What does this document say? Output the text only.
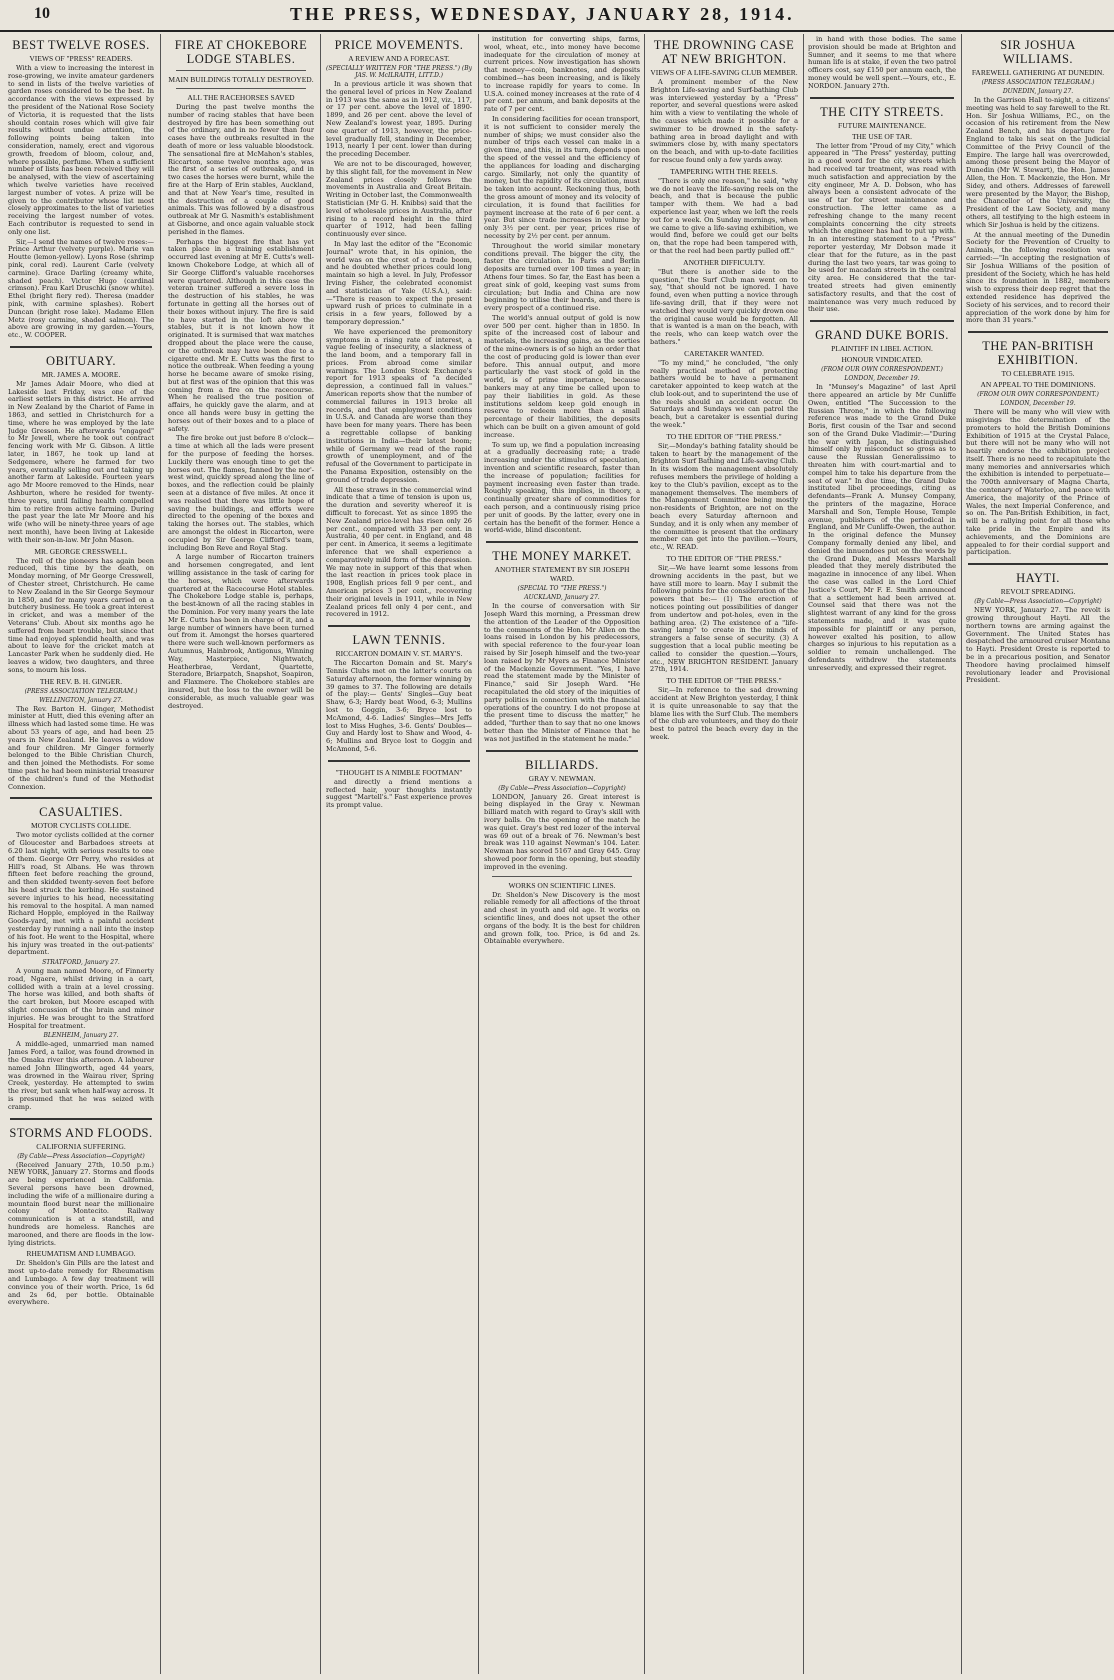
10	THE PRESS, WEDNESDAY, JANUARY 28, 1914.
BEST TWELVE ROSES.
VIEWS OF "PRESS" READERS.

With a view to increasing the interest in rose-growing, we invite amateur gardeners to send in lists of the twelve varieties of garden roses considered to be the best. In accordance with the views expressed by the president of the National Rose Society of Victoria, it is requested that the lists should contain roses which will give fair results without undue attention, the following points being taken into consideration, namely, erect and vigorous growth, freedom of bloom, colour, and, where possible, perfume. When a sufficient number of lists has been received they will be analysed, with the view of ascertaining which twelve varieties have received largest number of votes. A prize will be given to the contributor whose list most closely approximates to the list of varieties receiving the largest number of votes. Each contributor is requested to send in only one list.

Sir,—I send the names of twelve roses:— Prince Arthur (velvety purple). Marie van Houtte (lemon-yellow). Lyons Rose (shrimp pink, coral red). Laurent Carle (velvety carmine). Grace Darling (creamy white, shaded peach). Victor Hugo (cardinal crimson). Frau Karl Druschki (snow white). Ethel (bright fiery red). Theresa (madder pink, with carmine splashes). Robert Duncan (bright rose lake). Madame Ellen Metz (rosy carmine, shaded salmon). The above are growing in my garden.—Yours, etc., W. COOPER.

OBITUARY.
MR. JAMES A. MOORE.

Mr James Adair Moore, who died at Lakeside last Friday, was one of the earliest settlers in this district. He arrived in New Zealand by the Chariot of Fame in 1863, and settled in Christchurch for a time, where he was employed by the late Judge Gresson. He afterwards "engaged" to Mr Jewell, where he took out contract fencing work with Mr G. Gibson. A little later, in 1867, he took up land at Sedgemere, where he farmed for two years, eventually selling out and taking up another farm at Lakeside. Fourteen years ago Mr Moore removed to the Hinds, near Ashburton, where he resided for twenty-three years, until failing health compelled him to retire from active farming. During the past year the late Mr Moore and his wife (who will be ninety-three years of age next month), have been living at Lakeside with their son-in-law. Mr John Mason.

MR. GEORGE CRESSWELL.

The roll of the pioneers has again been reduced, this time by the death, on Monday morning, of Mr George Cresswell, of Chester street, Christchurch. He came to New Zealand in the Sir George Seymour in 1850, and for many years carried on a butchery business. He took a great interest in cricket, and was a member of the Veterans' Club. About six months ago he suffered from heart trouble, but since that time had enjoyed splendid health, and was about to leave for the cricket match at Lancaster Park when he suddenly died. He leaves a widow, two daughters, and three sons, to mourn his loss.

THE REV. B. H. GINGER.
(PRESS ASSOCIATION TELEGRAM.)
WELLINGTON, January 27.

The Rev. Barton H. Ginger, Methodist minister at Hutt, died this evening after an illness which had lasted some time. He was about 53 years of age, and had been 25 years in New Zealand. He leaves a widow and four children. Mr Ginger formerly belonged to the Bible Christian Church, and then joined the Methodists. For some time past he had been ministerial treasurer of the children's fund of the Methodist Connexion.

CASUALTIES.
MOTOR CYCLISTS COLLIDE.

Two motor cyclists collided at the corner of Gloucester and Barbadoes streets at 6.20 last night, with serious results to one of them. George Orr Perry, who resides at Hill's road, St Albans. He was thrown fifteen feet before reaching the ground, and then skidded twenty-seven feet before his head struck the kerbing. He sustained severe injuries to his head, necessitating his removal to the hospital. A man named Richard Hopple, employed in the Railway Goods-yard, met with a painful accident yesterday by running a nail into the instep of his foot. He went to the Hospital, where his injury was treated in the out-patients' department.

STRATFORD, January 27.

A young man named Moore, of Finnerty road, Ngaere, whilst driving in a cart, collided with a train at a level crossing. The horse was killed, and both shafts of the cart broken, but Moore escaped with slight concussion of the brain and minor injuries. He was brought to the Stratford Hospital for treatment.

BLENHEIM, January 27.

A middle-aged, unmarried man named James Ford, a tailor, was found drowned in the Omaka river this afternoon. A labourer named John Illingworth, aged 44 years, was drowned in the Wairau river, Spring Creek, yesterday. He attempted to swim the river, but sank when half-way across. It is presumed that he was seized with cramp.

STORMS AND FLOODS.
CALIFORNIA SUFFERING.
(By Cable—Press Association—Copyright)

(Received January 27th, 10.50 p.m.) NEW YORK, January 27. Storms and floods are being experienced in California. Several persons have been drowned, including the wife of a millionaire during a mountain flood burst near the millionaire colony of Montecito. Railway communication is at a standstill, and hundreds are homeless. Ranches are marooned, and there are floods in the low-lying districts.

RHEUMATISM AND LUMBAGO.

Dr. Sheldon's Gin Pills are the latest and most up-to-date remedy for Rheumatism and Lumbago. A few day treatment will convince you of their worth. Price, 1s 6d and 2s 6d, per bottle. Obtainable everywhere.

FIRE AT CHOKEBORE LODGE STABLES.
MAIN BUILDINGS TOTALLY DESTROYED.
ALL THE RACEHORSES SAVED

During the past twelve months the number of racing stables that have been destroyed by fire has been something out of the ordinary, and in no fewer than four cases have the outbreaks resulted in the death of more or less valuable bloodstock. The sensational fire at McMahon's stables, Riccarton, some twelve months ago, was the first of a series of outbreaks, and in two cases the horses were burnt, while the fire at the Harp of Erin stables, Auckland, and that at New Year's time, resulted in the destruction of a couple of good animals. This was followed by a disastrous outbreak at Mr G. Nasmith's establishment at Gisborne, and once again valuable stock perished in the flames.

Perhaps the biggest fire that has yet taken place in a training establishment occurred last evening at Mr E. Cutts's well-known Chokebore Lodge, at which all of Sir George Clifford's valuable racehorses were quartered. Although in this case the veteran trainer suffered a severe loss in the destruction of his stables, he was fortunate in getting all the horses out of their boxes without injury. The fire is said to have started in the loft above the stables, but it is not known how it originated. It is surmised that wax matches dropped about the place were the cause, or the outbreak may have been due to a cigarette end. Mr E. Cutts was the first to notice the outbreak. When feeding a young horse he became aware of smoke rising, but at first was of the opinion that this was coming from a fire on the racecourse. When he realised the true position of affairs, he quickly gave the alarm, and at once all hands were busy in getting the horses out of their boxes and to a place of safety.

The fire broke out just before 8 o'clock—a time at which all the lads were present for the purpose of feeding the horses. Luckily there was enough time to get the horses out. The flames, fanned by the nor'-west wind, quickly spread along the line of boxes, and the reflection could be plainly seen at a distance of five miles. At once it was realised that there was little hope of saving the buildings, and efforts were directed to the opening of the boxes and taking the horses out. The stables, which are amongst the oldest in Riccarton, were occupied by Sir George Clifford's team, including Bon Reve and Royal Stag.

A large number of Riccarton trainers and horsemen congregated, and lent willing assistance in the task of caring for the horses, which were afterwards quartered at the Racecourse Hotel stables. The Chokebore Lodge stable is, perhaps, the best-known of all the racing stables in the Dominion. For very many years the late Mr E. Cutts has been in charge of it, and a large number of winners have been turned out from it. Amongst the horses quartered there were such well-known performers as Autumnus, Hainbrook, Antigonus, Winning Way, Masterpiece, Nightwatch, Heatherbrae, Verdant, Quartette, Steradore, Briarpatch, Snapshot, Soapiron, and Flaxmere. The Chokebore stables are insured, but the loss to the owner will be considerable, as much valuable gear was destroyed.

PRICE MOVEMENTS.
A REVIEW AND A FORECAST.
(SPECIALLY WRITTEN FOR "THE PRESS.") (By JAS. W. McILRAITH, LITT.D.)

In a previous article it was shown that the general level of prices in New Zealand in 1913 was the same as in 1912, viz., 117, or 17 per cent. above the level of 1890-1899, and 26 per cent. above the level of New Zealand's lowest year, 1895. During one quarter of 1913, however, the price-level gradually fell, standing in December, 1913, nearly 1 per cent. lower than during the preceding December.

We are not to be discouraged, however, by this slight fall, for the movement in New Zealand prices closely follows the movements in Australia and Great Britain. Writing in October last, the Commonwealth Statistician (Mr G. H. Knibbs) said that the level of wholesale prices in Australia, after rising to a record height in the third quarter of 1912, had been falling continuously ever since.

In May last the editor of the "Economic Journal" wrote that, in his opinion, the world was on the crest of a trade boom, and he doubted whether prices could long maintain so high a level. In July, Professor Irving Fisher, the celebrated economist and statistician of Yale (U.S.A.), said:—"There is reason to expect the present upward rush of prices to culminate in a crisis in a few years, followed by a temporary depression."

We have experienced the premonitory symptoms in a rising rate of interest, a vague feeling of insecurity, a slackness of the land boom, and a temporary fall in prices. From abroad come similar warnings. The London Stock Exchange's report for 1913 speaks of "a decided depression, a continued fall in values." American reports show that the number of commercial failures in 1913 broke all records, and that employment conditions in U.S.A. and Canada are worse than they have been for many years. There has been a regrettable collapse of banking institutions in India—their latest boom; while of Germany we read of the rapid growth of unemployment, and of the refusal of the Government to participate in the Panama Exposition, ostensibly on the ground of trade depression.

All these straws in the commercial wind indicate that a time of tension is upon us, the duration and severity whereof it is difficult to forecast. Yet as since 1895 the New Zealand price-level has risen only 26 per cent., compared with 33 per cent. in Australia, 40 per cent. in England, and 48 per cent. in America, it seems a legitimate inference that we shall experience a comparatively mild form of the depression. We may note in support of this that when the last reaction in prices took place in 1908, English prices fell 9 per cent., and American prices 3 per cent., recovering their original levels in 1911, while in New Zealand prices fell only 4 per cent., and recovered in 1912.

LAWN TENNIS.
RICCARTON DOMAIN V. ST. MARY'S.

The Riccarton Domain and St. Mary's Tennis Clubs met on the latter's courts on Saturday afternoon, the former winning by 39 games to 37. The following are details of the play:— Gents' Singles—Guy beat Shaw, 6-3; Hardy beat Wood, 6-3; Mullins lost to Goggin, 3-6; Bryce lost to McAmond, 4-6. Ladies' Singles—Mrs Jeffs lost to Miss Hughes, 3-6. Gents' Doubles—Guy and Hardy lost to Shaw and Wood, 4-6; Mullins and Bryce lost to Goggin and McAmond, 5-6.

"THOUGHT IS A NIMBLE FOOTMAN"

and directly a friend mentions a reflected hair, your thoughts instantly suggest "Martell's." Fast experience proves its prompt value.

institution for converting ships, farms, wool, wheat, etc., into money have become inadequate for the circulation of money at current prices. Now investigation has shown that money—coin, banknotes, and deposits combined—has been increasing, and is likely to increase rapidly for years to come. In U.S.A. coined money increases at the rate of 4 per cent. per annum, and bank deposits at the rate of 7 per cent.

In considering facilities for ocean transport, it is not sufficient to consider merely the number of ships; we must consider also the number of trips each vessel can make in a given time, and this, in its turn, depends upon the speed of the vessel and the efficiency of the appliances for loading and discharging cargo. Similarly, not only the quantity of money, but the rapidity of its circulation, must be taken into account. Reckoning thus, both the gross amount of money and its velocity of circulation, it is found that facilities for payment increase at the rate of 6 per cent. a year. But since trade increases in volume by only 3½ per cent. per year, prices rise of necessity by 2½ per cent. per annum.

Throughout the world similar monetary conditions prevail. The bigger the city, the faster the circulation. In Paris and Berlin deposits are turned over 100 times a year; in Athens four times. So far, the East has been a great sink of gold, keeping vast sums from circulation; but India and China are now beginning to utilise their hoards, and there is every prospect of a continued rise.

The world's annual output of gold is now over 500 per cent. higher than in 1850. In spite of the increased cost of labour and materials, the increasing gains, as the sorties of the mine-owners is of so high an order that the cost of producing gold is lower than ever before. This annual output, and more particularly the vast stock of gold in the world, is of prime importance, because bankers may at any time be called upon to pay their liabilities in gold. As these institutions seldom keep gold enough in reserve to redeem more than a small percentage of their liabilities, the deposits which can be built on a given amount of gold increase.

To sum up, we find a population increasing at a gradually decreasing rate; a trade increasing under the stimulus of speculation, invention and scientific research, faster than the increase of population; facilities for payment increasing even faster than trade. Roughly speaking, this implies, in theory, a continually greater share of commodities for each person, and a continuously rising price per unit of goods. By the latter, every one in certain has the benefit of the former. Hence a world-wide, blind discontent.

THE MONEY MARKET.
ANOTHER STATEMENT BY SIR JOSEPH WARD.
(SPECIAL TO "THE PRESS.")
AUCKLAND, January 27.

In the course of conversation with Sir Joseph Ward this morning, a Pressman drew the attention of the Leader of the Opposition to the comments of the Hon. Mr Allen on the loans raised in London by his predecessors, with special reference to the four-year loan raised by Sir Joseph himself and the two-year loan raised by Mr Myers as Finance Minister of the Mackenzie Government. "Yes, I have read the statement made by the Minister of Finance," said Sir Joseph Ward. "He recapitulated the old story of the iniquities of party politics in connection with the financial operations of the country. I do not propose at the present time to discuss the matter," he added, "further than to say that no one knows better than the Minister of Finance that he was not justified in the statement he made."

BILLIARDS.
GRAY V. NEWMAN.
(By Cable—Press Association—Copyright)

LONDON, January 26. Great interest is being displayed in the Gray v. Newman billiard match with regard to Gray's skill with ivory balls. On the opening of the match he was quiet. Gray's best red lozer of the interval was 69 out of a break of 76. Newman's best break was 110 against Newman's 104. Later. Newman has scored 5167 and Gray 645. Gray showed poor form in the opening, but steadily improved in the evening.

WORKS ON SCIENTIFIC LINES.

Dr. Sheldon's New Discovery is the most reliable remedy for all affections of the throat and chest in youth and old age. It works on scientific lines, and does not upset the other organs of the body. It is the best for children and grown folk, too. Price, is 6d and 2s. Obtainable everywhere.

THE DROWNING CASE AT NEW BRIGHTON.
VIEWS OF A LIFE-SAVING CLUB MEMBER.

A prominent member of the New Brighton Life-saving and Surf-bathing Club was interviewed yesterday by a "Press" reporter, and several questions were asked him with a view to ventilating the whole of the causes which made it possible for a swimmer to be drowned in the safety-bathing area in broad daylight and with swimmers close by, with many spectators on the beach, and with up-to-date facilities for rescue found only a few yards away.

TAMPERING WITH THE REELS.

"There is only one reason," he said, "why we do not leave the life-saving reels on the beach, and that is because the public tamper with them. We had a bad experience last year, when we left the reels out for a week. On Sunday mornings, when we came to give a life-saving exhibition, we would find, before we could get our belts on, that the rope had been tampered with, or that the reel had been partly pulled off."

ANOTHER DIFFICULTY.

"But there is another side to the question," the Surf Club man went on to say, "that should not be ignored. I have found, even when putting a novice through life-saving drill, that if they were not watched they would very quickly drown one the original cause would be forgotten. All that is wanted is a man on the beach, with the reels, who can keep watch over the bathers."

CARETAKER WANTED.

"To my mind," he concluded, "the only really practical method of protecting bathers would be to have a permanent caretaker appointed to keep watch at the club look-out, and to superintend the use of the reels should an accident occur. On Saturdays and Sundays we can patrol the beach, but a caretaker is essential during the week."

TO THE EDITOR OF "THE PRESS."

Sir,—Monday's bathing fatality should be taken to heart by the management of the Brighton Surf Bathing and Life-saving Club. In its wisdom the management absolutely refuses members the privilege of holding a key to the Club's pavilion, except as to the management themselves. The members of the Management Committee being mostly non-residents of Brighton, are not on the beach every Saturday afternoon and Sunday, and it is only when any member of the committee is present that the ordinary member can get into the pavilion.—Yours, etc., W. READ.

TO THE EDITOR OF "THE PRESS."

Sir,—We have learnt some lessons from drowning accidents in the past, but we have still more to learn. May I submit the following points for the consideration of the powers that be:— (1) The erection of notices pointing out possibilities of danger from undertow and pot-holes, even in the bathing area. (2) The existence of a "life-saving lamp" to create in the minds of strangers a false sense of security. (3) A suggestion that a local public meeting be called to consider the question.—Yours, etc., NEW BRIGHTON RESIDENT. January 27th, 1914.

TO THE EDITOR OF "THE PRESS."

Sir,—In reference to the sad drowning accident at New Brighton yesterday, I think it is quite unreasonable to say that the blame lies with the Surf Club. The members of the club are volunteers, and they do their best to patrol the beach every day in the week.

in hand with those bodies. The same provision should be made at Brighton and Sumner, and it seems to me that where human life is at stake, if even the two patrol officers cost, say £150 per annum each, the money would be well spent.—Yours, etc., E. NORDON. January 27th.

THE CITY STREETS.
FUTURE MAINTENANCE.
THE USE OF TAR.

The letter from "Proud of my City," which appeared in "The Press" yesterday, putting in a good word for the city streets which had received tar treatment, was read with much satisfaction and appreciation by the city engineer, Mr A. D. Dobson, who has always been a consistent advocate of the use of tar for street maintenance and construction. The letter came as a refreshing change to the many recent complaints concerning the city streets which the engineer has had to put up with. In an interesting statement to a "Press" reporter yesterday, Mr Dobson made it clear that for the future, as in the past during the last two years, tar was going to be used for macadam streets in the central city area. He considered that the tar-treated streets had given eminently satisfactory results, and that the cost of maintenance was very much reduced by their use.

GRAND DUKE BORIS.
PLAINTIFF IN LIBEL ACTION.
HONOUR VINDICATED.
(FROM OUR OWN CORRESPONDENT.)
LONDON, December 19.

In "Munsey's Magazine" of last April there appeared an article by Mr Cunliffe Owen, entitled "The Succession to the Russian Throne," in which the following reference was made to the Grand Duke Boris, first cousin of the Tsar and second son of the Grand Duke Vladimir:—"During the war with Japan, he distinguished himself only by misconduct so gross as to cause the Russian Generalissimo to threaten him with court-martial and to compel him to take his departure from the seat of war." In due time, the Grand Duke instituted libel proceedings, citing as defendants—Frank A. Munsey Company, the printers of the magazine, Horace Marshall and Son, Temple House, Temple avenue, publishers of the periodical in England, and Mr Cunliffe-Owen, the author. In the original defence the Munsey Company formally denied any libel, and denied the innuendoes put on the words by the Grand Duke, and Messrs Marshall pleaded that they merely distributed the magazine in innocence of any libel. When the case was called in the Lord Chief Justice's Court, Mr F. E. Smith announced that a settlement had been arrived at. Counsel said that there was not the slightest warrant of any kind for the gross statements made, and it was quite impossible for plaintiff or any person, however exalted his position, to allow charges so injurious to his reputation as a soldier to remain unchallenged. The defendants withdrew the statements unreservedly, and expressed their regret.

SIR JOSHUA WILLIAMS.
FAREWELL GATHERING AT DUNEDIN.
(PRESS ASSOCIATION TELEGRAM.)
DUNEDIN, January 27.

In the Garrison Hall to-night, a citizens' meeting was held to say farewell to the Rt. Hon. Sir Joshua Williams, P.C., on the occasion of his retirement from the New Zealand Bench, and his departure for England to take his seat on the Judicial Committee of the Privy Council of the Empire. The large hall was overcrowded, among those present being the Mayor of Dunedin (Mr W. Stewart), the Hon. James Allen, the Hon. T. Mackenzie, the Hon. Mr Sidey, and others. Addresses of farewell were presented by the Mayor, the Bishop, the Chancellor of the University, the President of the Law Society, and many others, all testifying to the high esteem in which Sir Joshua is held by the citizens.

At the annual meeting of the Dunedin Society for the Prevention of Cruelty to Animals, the following resolution was carried:—"In accepting the resignation of Sir Joshua Williams of the position of president of the Society, which he has held since its foundation in 1882, members wish to express their deep regret that the extended residence has deprived the Society of his services, and to record their appreciation of the work done by him for more than 31 years."

THE PAN-BRITISH EXHIBITION.
TO CELEBRATE 1915.
AN APPEAL TO THE DOMINIONS.
(FROM OUR OWN CORRESPONDENT.)
LONDON, December 19.

There will be many who will view with misgivings the determination of the promoters to hold the British Dominions Exhibition of 1915 at the Crystal Palace, but there will not be many who will not heartily endorse the exhibition project itself. There is no need to recapitulate the many memories and anniversaries which the exhibition is intended to perpetuate—the 700th anniversary of Magna Charta, the centenary of Waterloo, and peace with America, the majority of the Prince of Wales, the next Imperial Conference, and so on. The Pan-British Exhibition, in fact, will be a rallying point for all those who take pride in the Empire and its achievements, and the Dominions are appealed to for their cordial support and participation.

HAYTI.
REVOLT SPREADING.
(By Cable—Press Association—Copyright)

NEW YORK, January 27. The revolt is growing throughout Hayti. All the northern towns are arming against the Government. The United States has despatched the armoured cruiser Montana to Hayti. President Oreste is reported to be in a precarious position, and Senator Theodore having proclaimed himself revolutionary leader and Provisional President.
